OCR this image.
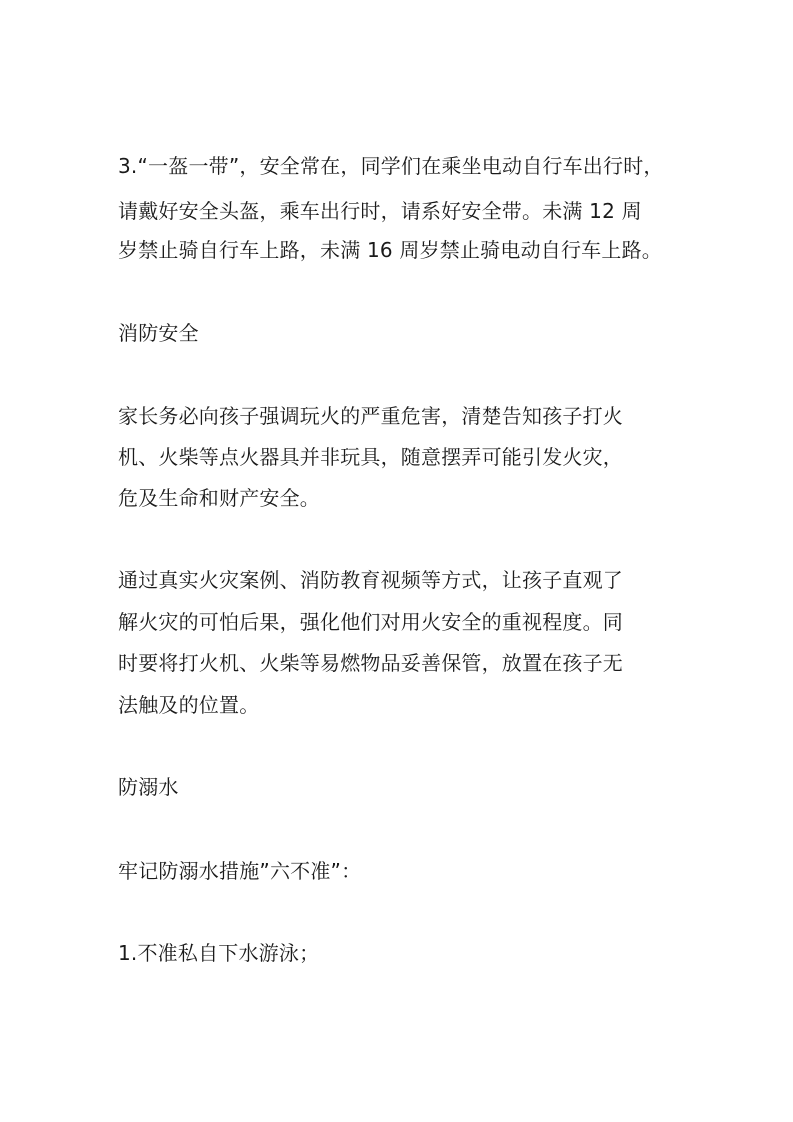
3.“一盔一带”，安全常在，同学们在乘坐电动自行车出行时，
请戴好安全头盔，乘车出行时，请系好安全带。未满 12 周
岁禁止骑自行车上路，未满 16 周岁禁止骑电动自行车上路。
消防安全
家长务必向孩子强调玩火的严重危害，清楚告知孩子打火
机、火柴等点火器具并非玩具，随意摆弄可能引发火灾，
危及生命和财产安全。
通过真实火灾案例、消防教育视频等方式，让孩子直观了
解火灾的可怕后果，强化他们对用火安全的重视程度。同
时要将打火机、火柴等易燃物品妥善保管，放置在孩子无
法触及的位置。
防溺水
牢记防溺水措施”六不准”：
1.不准私自下水游泳；
